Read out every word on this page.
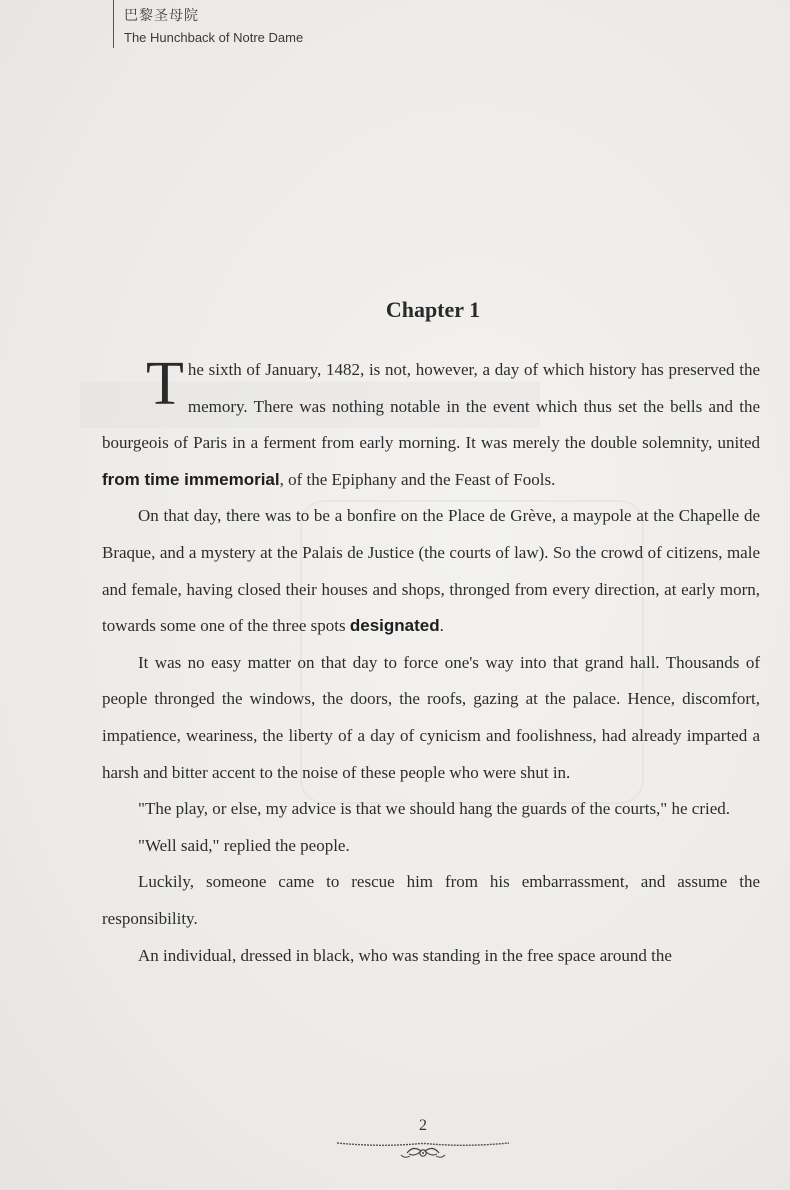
巴黎圣母院
The Hunchback of Notre Dame
Chapter 1

The sixth of January, 1482, is not, however, a day of which history has preserved the memory. There was nothing notable in the event which thus set the bells and the bourgeois of Paris in a ferment from early morning. It was merely the double solemnity, united from time immemorial, of the Epiphany and the Feast of Fools.

On that day, there was to be a bonfire on the Place de Grève, a maypole at the Chapelle de Braque, and a mystery at the Palais de Justice (the courts of law). So the crowd of citizens, male and female, having closed their houses and shops, thronged from every direction, at early morn, towards some one of the three spots designated.

It was no easy matter on that day to force one's way into that grand hall. Thousands of people thronged the windows, the doors, the roofs, gazing at the palace. Hence, discomfort, impatience, weariness, the liberty of a day of cynicism and foolishness, had already imparted a harsh and bitter accent to the noise of these people who were shut in.

"The play, or else, my advice is that we should hang the guards of the courts," he cried.

"Well said," replied the people.

Luckily, someone came to rescue him from his embarrassment, and assume the responsibility.

An individual, dressed in black, who was standing in the free space around the

2
